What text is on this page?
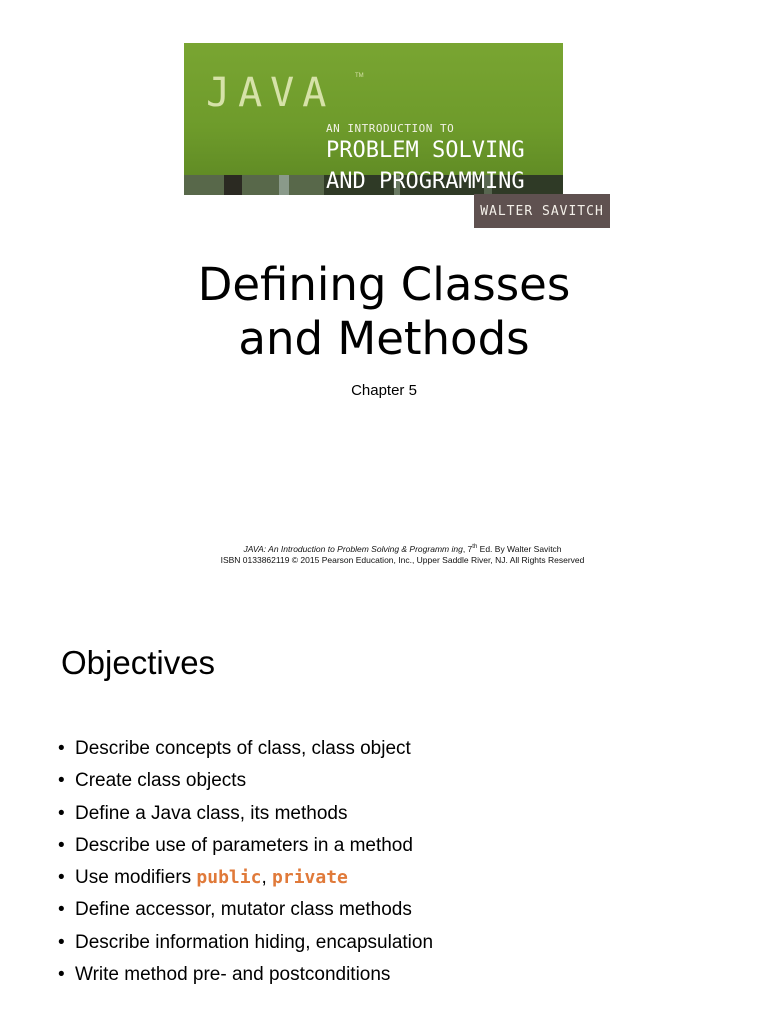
JAVA	TM
AN INTRODUCTION TO
PROBLEM SOLVING
AND PROGRAMMING
WALTER SAVITCH
Defining Classes
and Methods
Chapter 5
JAVA: An Introduction to Problem Solving & Programm ing, 7th Ed. By Walter Savitch
ISBN 0133862119 © 2015 Pearson Education, Inc., Upper Saddle River, NJ. All Rights Reserved
Objectives
• Describe concepts of class, class object
• Create class objects
• Define a Java class, its methods
• Describe use of parameters in a method
• Use modifiers public, private
• Define accessor, mutator class methods
• Describe information hiding, encapsulation
• Write method pre- and postconditions
